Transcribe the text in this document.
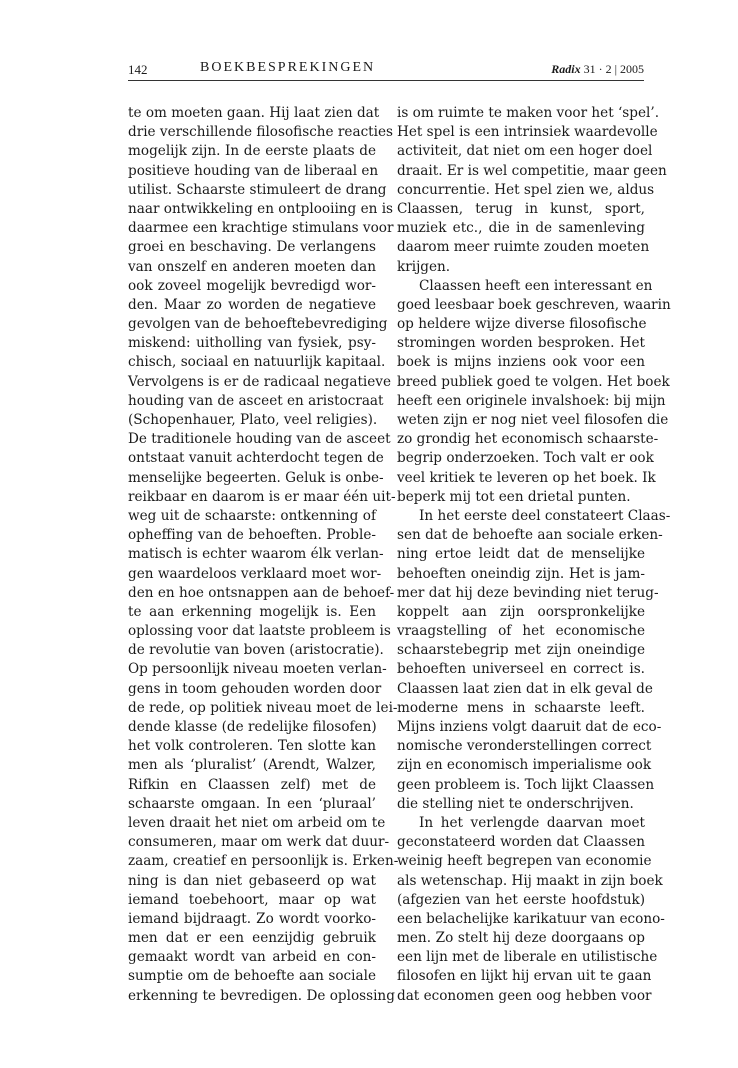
142	BOEKBESPREKINGEN	Radix 31 · 2 | 2005
te om moeten gaan. Hij laat zien dat
drie verschillende filosofische reacties
mogelijk zijn. In de eerste plaats de
positieve houding van de liberaal en
utilist. Schaarste stimuleert de drang
naar ontwikkeling en ontplooiing en is
daarmee een krachtige stimulans voor
groei en beschaving. De verlangens
van onszelf en anderen moeten dan
ook zoveel mogelijk bevredigd wor-
den. Maar zo worden de negatieve
gevolgen van de behoeftebevrediging
miskend: uitholling van fysiek, psy-
chisch, sociaal en natuurlijk kapitaal.
Vervolgens is er de radicaal negatieve
houding van de asceet en aristocraat
(Schopenhauer, Plato, veel religies).
De traditionele houding van de asceet
ontstaat vanuit achterdocht tegen de
menselijke begeerten. Geluk is onbe-
reikbaar en daarom is er maar één uit-
weg uit de schaarste: ontkenning of
opheffing van de behoeften. Proble-
matisch is echter waarom élk verlan-
gen waardeloos verklaard moet wor-
den en hoe ontsnappen aan de behoef-
te aan erkenning mogelijk is. Een
oplossing voor dat laatste probleem is
de revolutie van boven (aristocratie).
Op persoonlijk niveau moeten verlan-
gens in toom gehouden worden door
de rede, op politiek niveau moet de lei-
dende klasse (de redelijke filosofen)
het volk controleren. Ten slotte kan
men als ‘pluralist’ (Arendt, Walzer,
Rifkin en Claassen zelf) met de
schaarste omgaan. In een ‘pluraal’
leven draait het niet om arbeid om te
consumeren, maar om werk dat duur-
zaam, creatief en persoonlijk is. Erken-
ning is dan niet gebaseerd op wat
iemand toebehoort, maar op wat
iemand bijdraagt. Zo wordt voorko-
men dat er een eenzijdig gebruik
gemaakt wordt van arbeid en con-
sumptie om de behoefte aan sociale
erkenning te bevredigen. De oplossing
is om ruimte te maken voor het ‘spel’.
Het spel is een intrinsiek waardevolle
activiteit, dat niet om een hoger doel
draait. Er is wel competitie, maar geen
concurrentie. Het spel zien we, aldus
Claassen, terug in kunst, sport,
muziek etc., die in de samenleving
daarom meer ruimte zouden moeten
krijgen.
Claassen heeft een interessant en
goed leesbaar boek geschreven, waarin
op heldere wijze diverse filosofische
stromingen worden besproken. Het
boek is mijns inziens ook voor een
breed publiek goed te volgen. Het boek
heeft een originele invalshoek: bij mijn
weten zijn er nog niet veel filosofen die
zo grondig het economisch schaarste-
begrip onderzoeken. Toch valt er ook
veel kritiek te leveren op het boek. Ik
beperk mij tot een drietal punten.
In het eerste deel constateert Claas-
sen dat de behoefte aan sociale erken-
ning ertoe leidt dat de menselijke
behoeften oneindig zijn. Het is jam-
mer dat hij deze bevinding niet terug-
koppelt aan zijn oorspronkelijke
vraagstelling of het economische
schaarstebegrip met zijn oneindige
behoeften universeel en correct is.
Claassen laat zien dat in elk geval de
moderne mens in schaarste leeft.
Mijns inziens volgt daaruit dat de eco-
nomische veronderstellingen correct
zijn en economisch imperialisme ook
geen probleem is. Toch lijkt Claassen
die stelling niet te onderschrijven.
In het verlengde daarvan moet
geconstateerd worden dat Claassen
weinig heeft begrepen van economie
als wetenschap. Hij maakt in zijn boek
(afgezien van het eerste hoofdstuk)
een belachelijke karikatuur van econo-
men. Zo stelt hij deze doorgaans op
een lijn met de liberale en utilistische
filosofen en lijkt hij ervan uit te gaan
dat economen geen oog hebben voor
